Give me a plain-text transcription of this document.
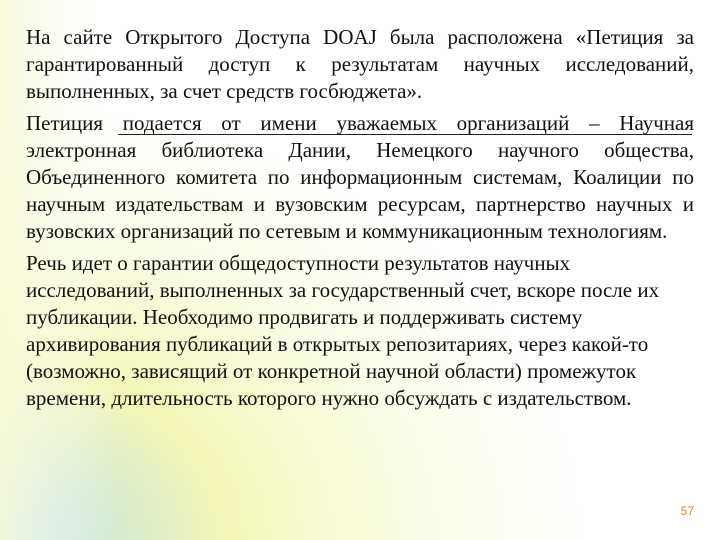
На сайте Открытого Доступа DOAJ была расположена «Петиция за гарантированный доступ к результатам научных исследований, выполненных, за счет средств госбюджета».

Петиция подается от имени уважаемых организаций – Научная электронная библиотека Дании, Немецкого научного общества, Объединенного комитета по информационным системам, Коалиции по научным издательствам и вузовским ресурсам, партнерство научных и вузовских организаций по сетевым и коммуникационным технологиям.

Речь идет о гарантии общедоступности результатов научных исследований, выполненных за государственный счет, вскоре после их публикации. Необходимо продвигать и поддерживать систему архивирования публикаций в открытых репозитариях, через какой-то (возможно, зависящий от конкретной научной области) промежуток времени, длительность которого нужно обсуждать с издательством.

57
